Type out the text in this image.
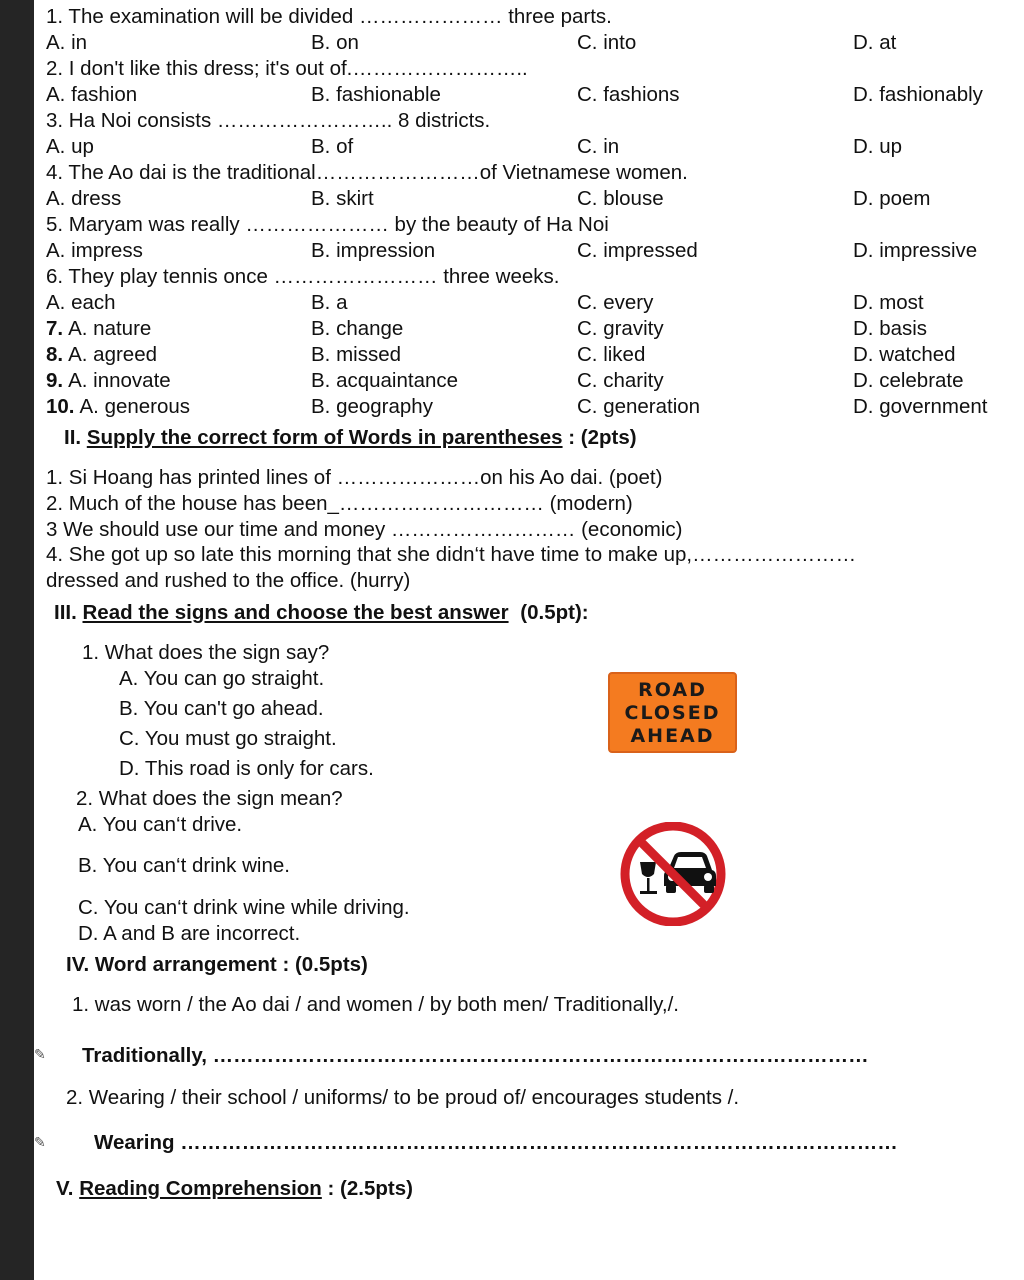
1. The examination will be divided ………………… three parts.
A. in	B. on	C. into	D. at
2. I don't like this dress; it's out of.……………………..
A. fashion	B. fashionable	C. fashions	D. fashionably
3. Ha Noi consists …………………….. 8 districts.
A. up	B. of	C. in	D. up
4. The Ao dai is the traditional……………………of Vietnamese women.
A. dress	B. skirt	C. blouse	D. poem
5. Maryam was really ………………… by the beauty of Ha Noi
A. impress	B. impression	C. impressed	D. impressive
6. They play tennis once …………………… three weeks.
A. each	B. a	C. every	D. most
7. A. nature	B. change	C. gravity	D. basis
8. A. agreed	B. missed	C. liked	D. watched
9. A. innovate	B. acquaintance	C. charity	D. celebrate
10. A. generous	B. geography	C. generation	D. government
II. Supply the correct form of Words in parentheses : (2pts)
1. Si Hoang has printed lines of …………………on his Ao dai. (poet)
2. Much of the house has been_………………………… (modern)
3 We should use our time and money ……………………… (economic)
4. She got up so late this morning that she didn‘t have time to make up,……………………
dressed and rushed to the office. (hurry)
III. Read the signs and choose the best answer (0.5pt):
1. What does the sign say?
A. You can go straight.
B. You can't go ahead.
C. You must go straight.
D. This road is only for cars.
ROAD
CLOSED
AHEAD
2. What does the sign mean?
A. You can‘t drive.
B. You can‘t drink wine.
C. You can‘t drink wine while driving.
D. A and B are incorrect.
IV. Word arrangement : (0.5pts)
1. was worn / the Ao dai / and women / by both men/ Traditionally,/.
✎ Traditionally, ……………………………………………………………………………………
2. Wearing / their school / uniforms/ to be proud of/ encourages students /.
✎ Wearing ……………………………………………………………………………………………
V. Reading Comprehension : (2.5pts)
